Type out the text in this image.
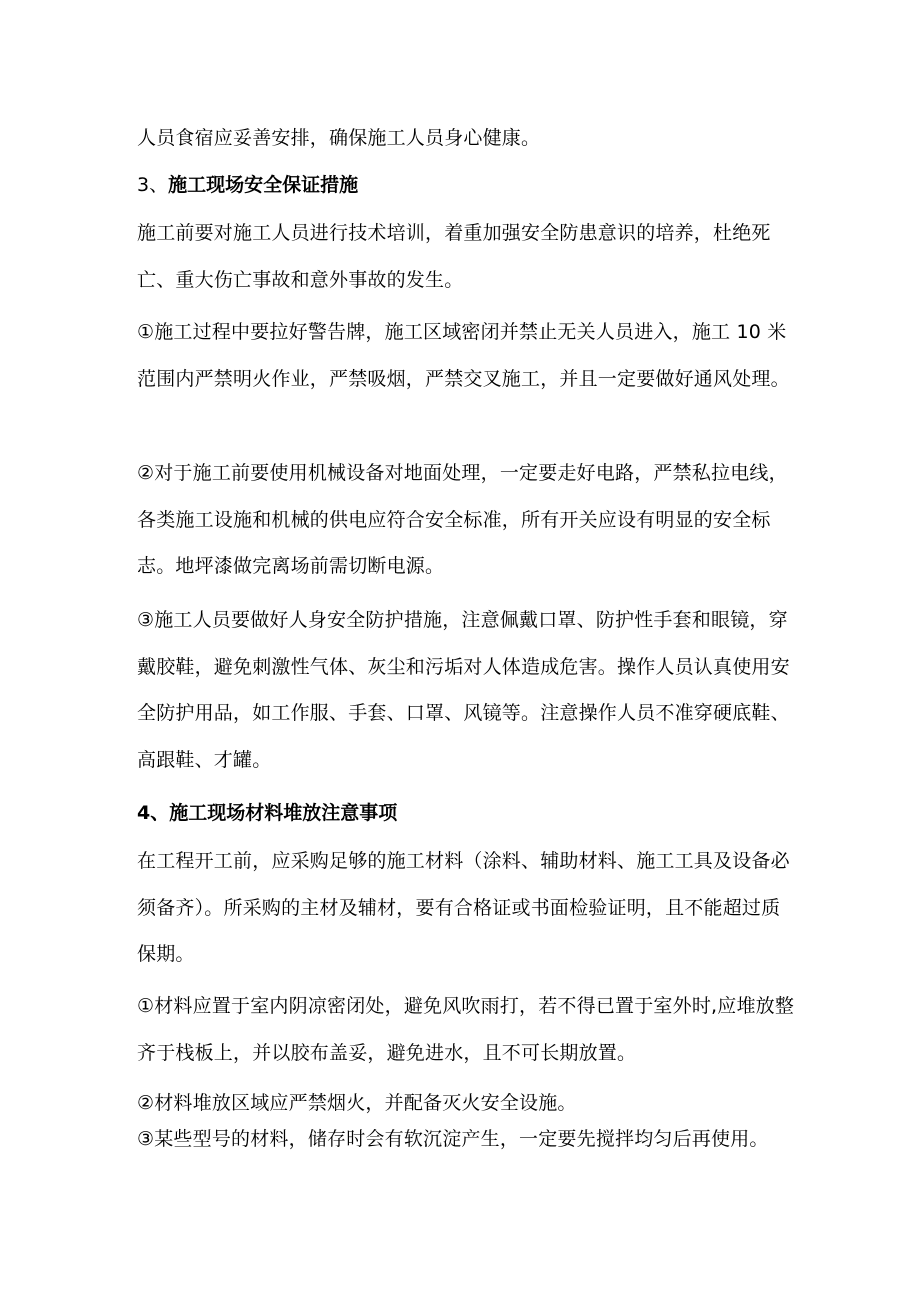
人员食宿应妥善安排，确保施工人员身心健康。
3、施工现场安全保证措施
施工前要对施工人员进行技术培训，着重加强安全防患意识的培养，杜绝死亡、重大伤亡事故和意外事故的发生。
①施工过程中要拉好警告牌，施工区域密闭并禁止无关人员进入，施工 10 米范围内严禁明火作业，严禁吸烟，严禁交叉施工，并且一定要做好通风处理。
②对于施工前要使用机械设备对地面处理，一定要走好电路，严禁私拉电线，各类施工设施和机械的供电应符合安全标准，所有开关应设有明显的安全标志。地坪漆做完离场前需切断电源。
③施工人员要做好人身安全防护措施，注意佩戴口罩、防护性手套和眼镜，穿戴胶鞋，避免刺激性气体、灰尘和污垢对人体造成危害。操作人员认真使用安全防护用品，如工作服、手套、口罩、风镜等。注意操作人员不准穿硬底鞋、高跟鞋、才罐。
4、施工现场材料堆放注意事项
在工程开工前，应采购足够的施工材料（涂料、辅助材料、施工工具及设备必须备齐）。所采购的主材及辅材，要有合格证或书面检验证明，且不能超过质保期。
①材料应置于室内阴凉密闭处，避免风吹雨打，若不得已置于室外时,应堆放整齐于栈板上，并以胶布盖妥，避免进水，且不可长期放置。
②材料堆放区域应严禁烟火，并配备灭火安全设施。
③某些型号的材料，储存时会有软沉淀产生，一定要先搅拌均匀后再使用。
